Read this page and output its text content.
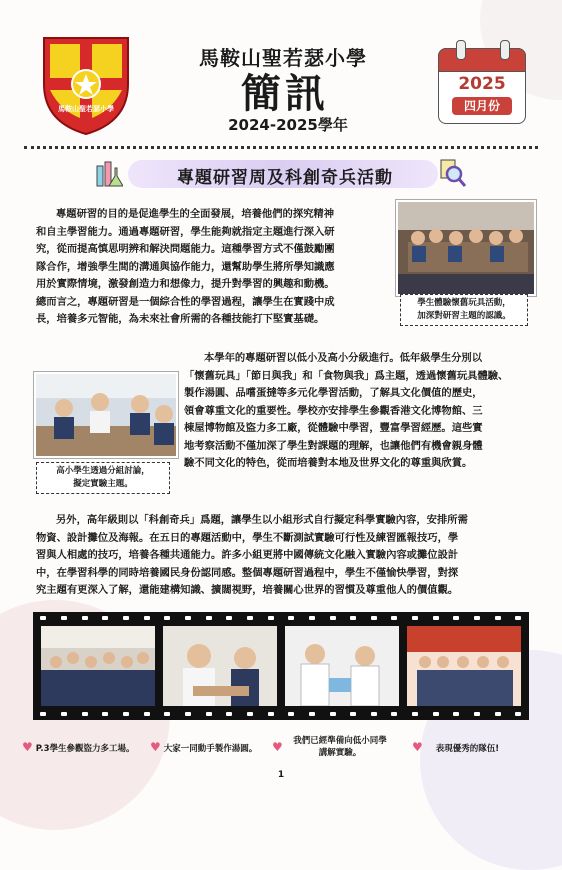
馬鞍山聖若瑟小學
馬鞍山聖若瑟小學
簡訊
2024-2025學年
2025
四月份
專題研習周及科創奇兵活動
專題研習的目的是促進學生的全面發展，培養他們的探究精神
和自主學習能力。通過專題研習，學生能夠就指定主題進行深入研
究，從而提高慎思明辨和解決問題能力。這種學習方式不僅鼓勵團
隊合作，增強學生間的溝通與協作能力，還幫助學生將所學知識應
用於實際情境，激發創造力和想像力，提升對學習的興趣和動機。
總而言之，專題研習是一個綜合性的學習過程，讓學生在實踐中成
長，培養多元智能，為未來社會所需的各種技能打下堅實基礎。
學生體驗懷舊玩具活動，
加深對研習主題的認識。
高小學生透過分組討論，
擬定實驗主題。
本學年的專題研習以低小及高小分級進行。低年級學生分別以
「懷舊玩具」「節日與我」和「食物與我」爲主題，透過懷舊玩具體驗、
製作湯圓、品嚐蛋撻等多元化學習活動，了解具文化價值的歷史，
領會尊重文化的重要性。學校亦安排學生參觀香港文化博物館、三
棟屋博物館及盜力多工廠，從體驗中學習，豐富學習經歷。這些實
地考察活動不僅加深了學生對課題的理解，也讓他們有機會親身體
驗不同文化的特色，從而培養對本地及世界文化的尊重與欣賞。
另外，高年級則以「科創奇兵」爲題，讓學生以小組形式自行擬定科學實驗內容，安排所需
物資、設計攤位及海報。在五日的專題活動中，學生不斷測試實驗可行性及練習匯報技巧，學
習與人相處的技巧，培養各種共通能力。許多小組更將中國傳統文化融入實驗內容或攤位設計
中，在學習科學的同時培養國民身份認同感。整個專題研習過程中，學生不僅愉快學習，對探
究主題有更深入了解，還能建構知識、擴闊視野，培養關心世界的習慣及尊重他人的價值觀。
♥ P.3學生參觀盜力多工場。	♥ 大家一同動手製作湯圓。	♥	我們已經準備向低小同學
講解實驗。	♥ 表現優秀的隊伍!
1
